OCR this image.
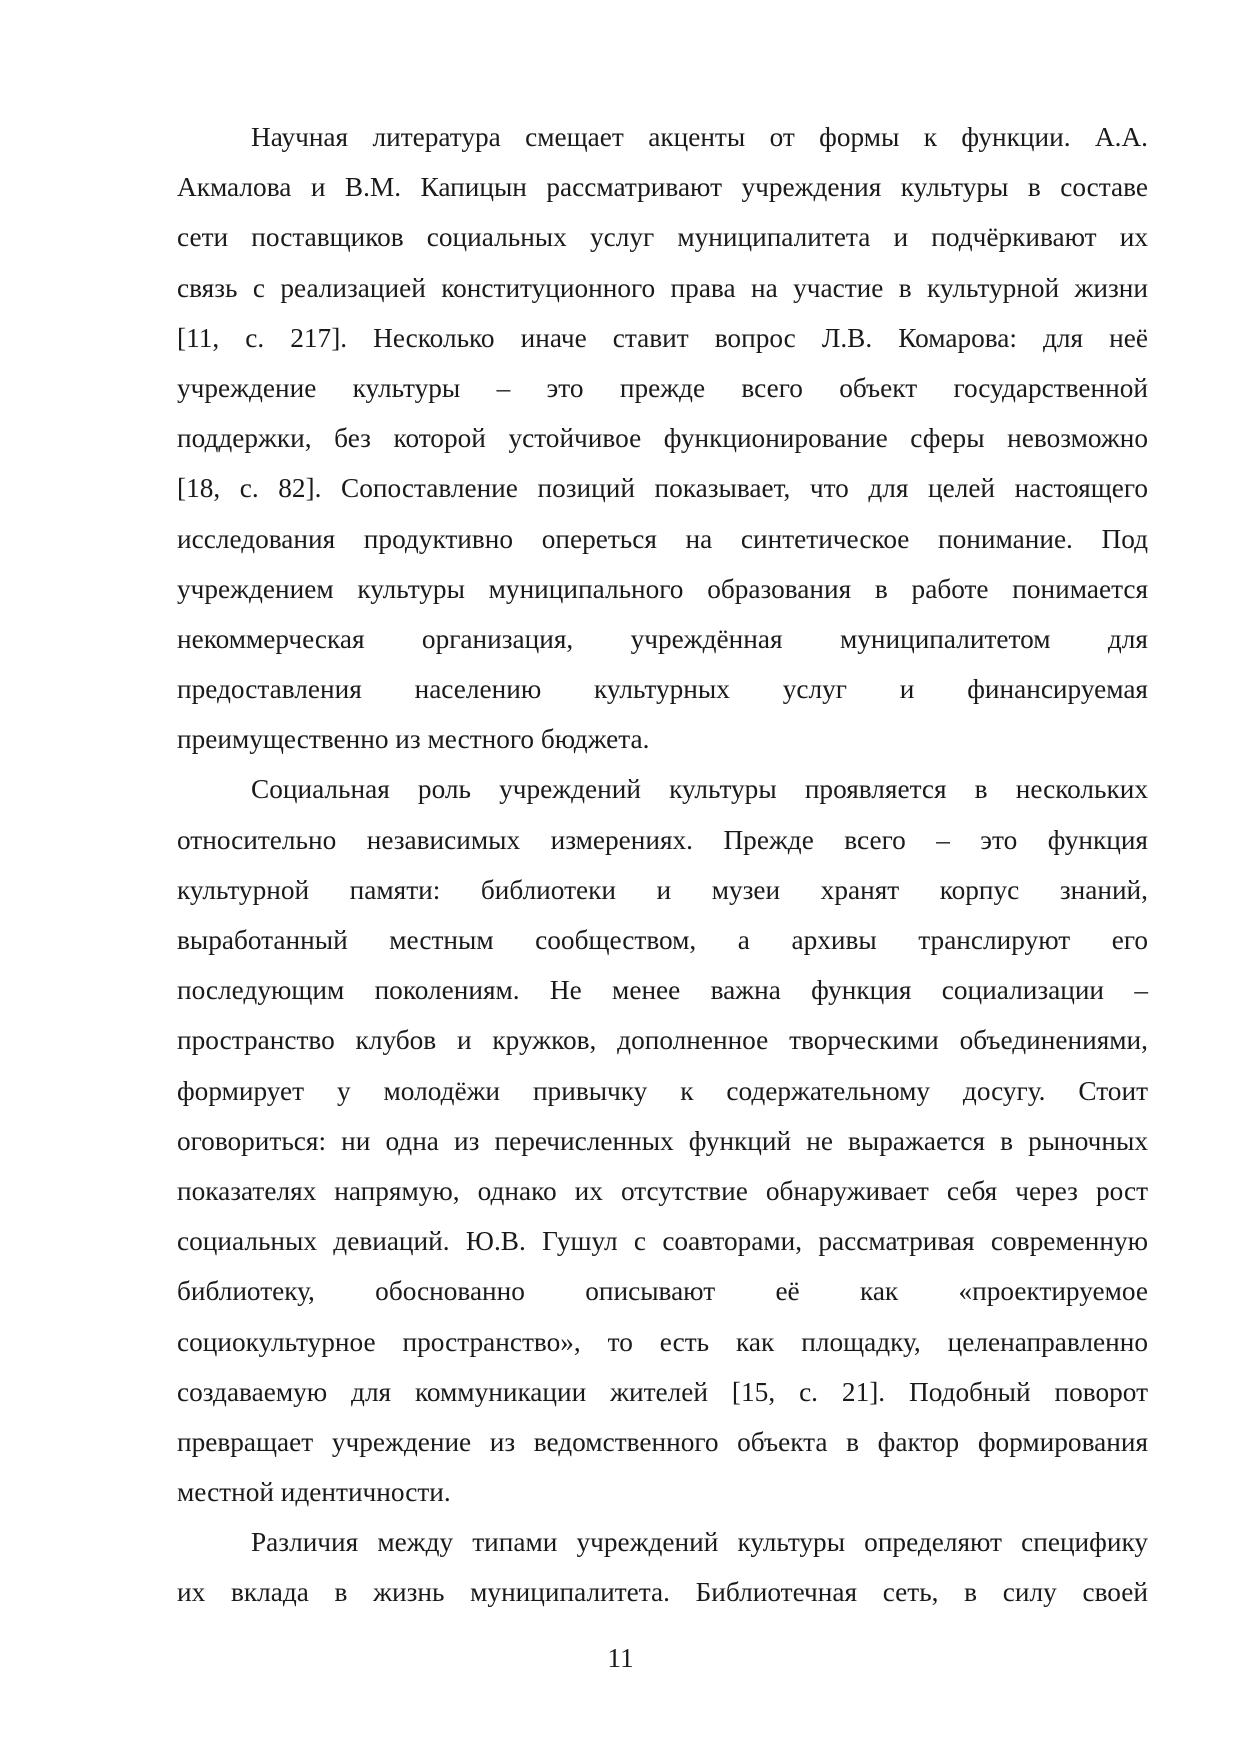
Научная литература смещает акценты от формы к функции. А.А.
Акмалова и В.М. Капицын рассматривают учреждения культуры в составе
сети поставщиков социальных услуг муниципалитета и подчёркивают их
связь с реализацией конституционного права на участие в культурной жизни
[11, с. 217]. Несколько иначе ставит вопрос Л.В. Комарова: для неё
учреждение культуры – это прежде всего объект государственной
поддержки, без которой устойчивое функционирование сферы невозможно
[18, с. 82]. Сопоставление позиций показывает, что для целей настоящего
исследования продуктивно опереться на синтетическое понимание. Под
учреждением культуры муниципального образования в работе понимается
некоммерческая организация, учреждённая муниципалитетом для
предоставления населению культурных услуг и финансируемая
преимущественно из местного бюджета.
Социальная роль учреждений культуры проявляется в нескольких
относительно независимых измерениях. Прежде всего – это функция
культурной памяти: библиотеки и музеи хранят корпус знаний,
выработанный местным сообществом, а архивы транслируют его
последующим поколениям. Не менее важна функция социализации –
пространство клубов и кружков, дополненное творческими объединениями,
формирует у молодёжи привычку к содержательному досугу. Стоит
оговориться: ни одна из перечисленных функций не выражается в рыночных
показателях напрямую, однако их отсутствие обнаруживает себя через рост
социальных девиаций. Ю.В. Гушул с соавторами, рассматривая современную
библиотеку, обоснованно описывают её как «проектируемое
социокультурное пространство», то есть как площадку, целенаправленно
создаваемую для коммуникации жителей [15, с. 21]. Подобный поворот
превращает учреждение из ведомственного объекта в фактор формирования
местной идентичности.
Различия между типами учреждений культуры определяют специфику
их вклада в жизнь муниципалитета. Библиотечная сеть, в силу своей
11
